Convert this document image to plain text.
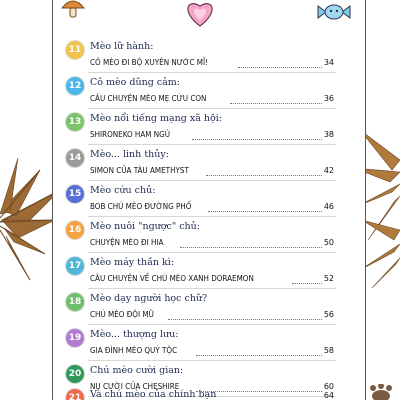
11 Mèo lữ hành:
CÔ MÈO ĐI BỘ XUYÊN NƯỚC MĨ!	34
12 Cô mèo dũng cảm:
CÂU CHUYỆN MÈO MẸ CỨU CON	36
13 Mèo nổi tiếng mạng xã hội:
SHIRONEKO HAM NGỦ	38
14 Mèo... linh thủy:
SIMON CỦA TÀU AMETHYST	42
15 Mèo cứu chủ:
BOB CHÚ MÈO ĐƯỜNG PHỐ	46
16 Mèo nuôi "ngược" chủ:
CHUYỆN MÈO ĐI HIA	50
17 Mèo máy thần kì:
CÂU CHUYỆN VỀ CHÚ MÈO XANH DORAEMON	52
18 Mèo dạy người học chữ?
CHÚ MÈO ĐỘI MŨ	56
19 Mèo... thượng lưu:
GIA ĐÌNH MÈO QUÝ TỘC	58
20 Chú mèo cười gian:
NỤ CƯỜI CỦA CHESHIRE	60
21 Và chú mèo của chính bạn	64
